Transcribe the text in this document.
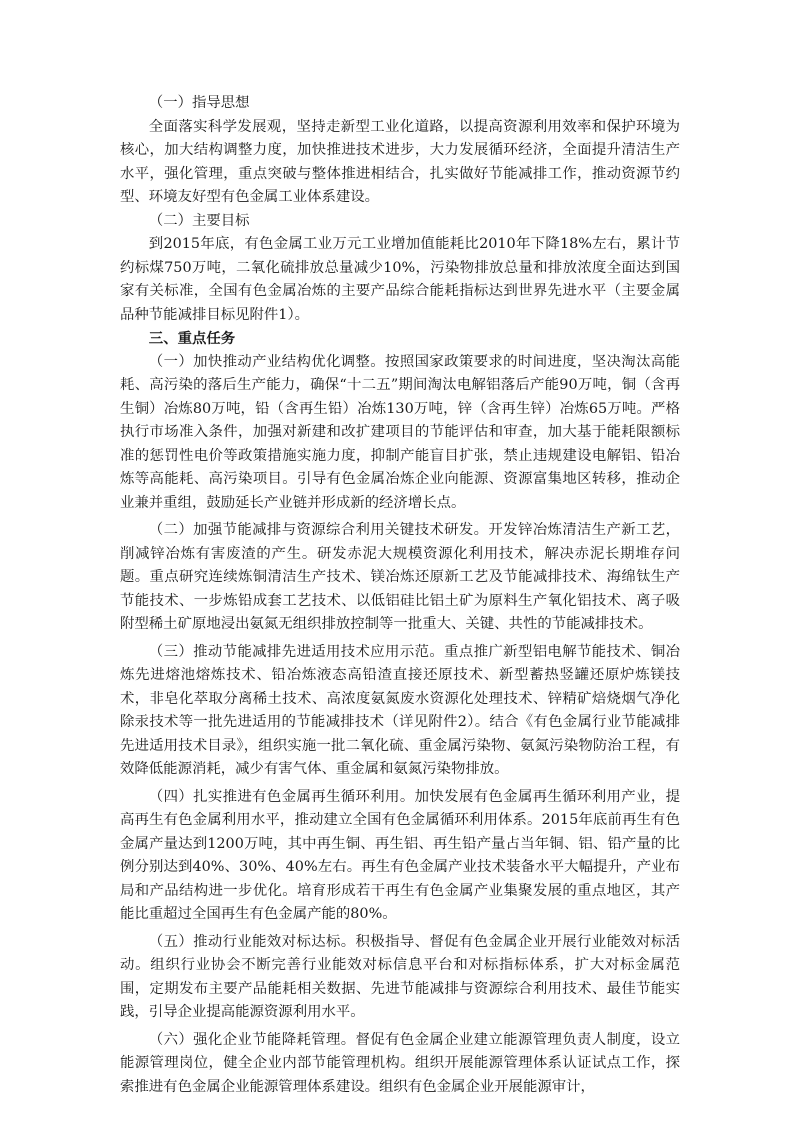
（一）指导思想

全面落实科学发展观，坚持走新型工业化道路，以提高资源利用效率和保护环境为核心，加大结构调整力度，加快推进技术进步，大力发展循环经济，全面提升清洁生产水平，强化管理，重点突破与整体推进相结合，扎实做好节能减排工作，推动资源节约型、环境友好型有色金属工业体系建设。

（二）主要目标

到2015年底，有色金属工业万元工业增加值能耗比2010年下降18%左右，累计节约标煤750万吨，二氧化硫排放总量减少10%，污染物排放总量和排放浓度全面达到国家有关标准，全国有色金属冶炼的主要产品综合能耗指标达到世界先进水平（主要金属品种节能减排目标见附件1）。

三、重点任务

（一）加快推动产业结构优化调整。按照国家政策要求的时间进度，坚决淘汰高能耗、高污染的落后生产能力，确保“十二五”期间淘汰电解铝落后产能90万吨，铜（含再生铜）冶炼80万吨，铅（含再生铅）冶炼130万吨，锌（含再生锌）冶炼65万吨。严格执行市场准入条件，加强对新建和改扩建项目的节能评估和审查，加大基于能耗限额标准的惩罚性电价等政策措施实施力度，抑制产能盲目扩张，禁止违规建设电解铝、铅冶炼等高能耗、高污染项目。引导有色金属冶炼企业向能源、资源富集地区转移，推动企业兼并重组，鼓励延长产业链并形成新的经济增长点。

（二）加强节能减排与资源综合利用关键技术研发。开发锌冶炼清洁生产新工艺，削减锌冶炼有害废渣的产生。研发赤泥大规模资源化利用技术，解决赤泥长期堆存问题。重点研究连续炼铜清洁生产技术、镁冶炼还原新工艺及节能减排技术、海绵钛生产节能技术、一步炼铅成套工艺技术、以低铝硅比铝土矿为原料生产氧化铝技术、离子吸附型稀土矿原地浸出氨氮无组织排放控制等一批重大、关键、共性的节能减排技术。

（三）推动节能减排先进适用技术应用示范。重点推广新型铝电解节能技术、铜冶炼先进熔池熔炼技术、铅冶炼液态高铅渣直接还原技术、新型蓄热竖罐还原炉炼镁技术，非皂化萃取分离稀土技术、高浓度氨氮废水资源化处理技术、锌精矿焙烧烟气净化除汞技术等一批先进适用的节能减排技术（详见附件2）。结合《有色金属行业节能减排先进适用技术目录》，组织实施一批二氧化硫、重金属污染物、氨氮污染物防治工程，有效降低能源消耗，减少有害气体、重金属和氨氮污染物排放。

（四）扎实推进有色金属再生循环利用。加快发展有色金属再生循环利用产业，提高再生有色金属利用水平，推动建立全国有色金属循环利用体系。2015年底前再生有色金属产量达到1200万吨，其中再生铜、再生铝、再生铅产量占当年铜、铝、铅产量的比例分别达到40%、30%、40%左右。再生有色金属产业技术装备水平大幅提升，产业布局和产品结构进一步优化。培育形成若干再生有色金属产业集聚发展的重点地区，其产能比重超过全国再生有色金属产能的80%。

（五）推动行业能效对标达标。积极指导、督促有色金属企业开展行业能效对标活动。组织行业协会不断完善行业能效对标信息平台和对标指标体系，扩大对标金属范围，定期发布主要产品能耗相关数据、先进节能减排与资源综合利用技术、最佳节能实践，引导企业提高能源资源利用水平。

（六）强化企业节能降耗管理。督促有色金属企业建立能源管理负责人制度，设立能源管理岗位，健全企业内部节能管理机构。组织开展能源管理体系认证试点工作，探索推进有色金属企业能源管理体系建设。组织有色金属企业开展能源审计，
